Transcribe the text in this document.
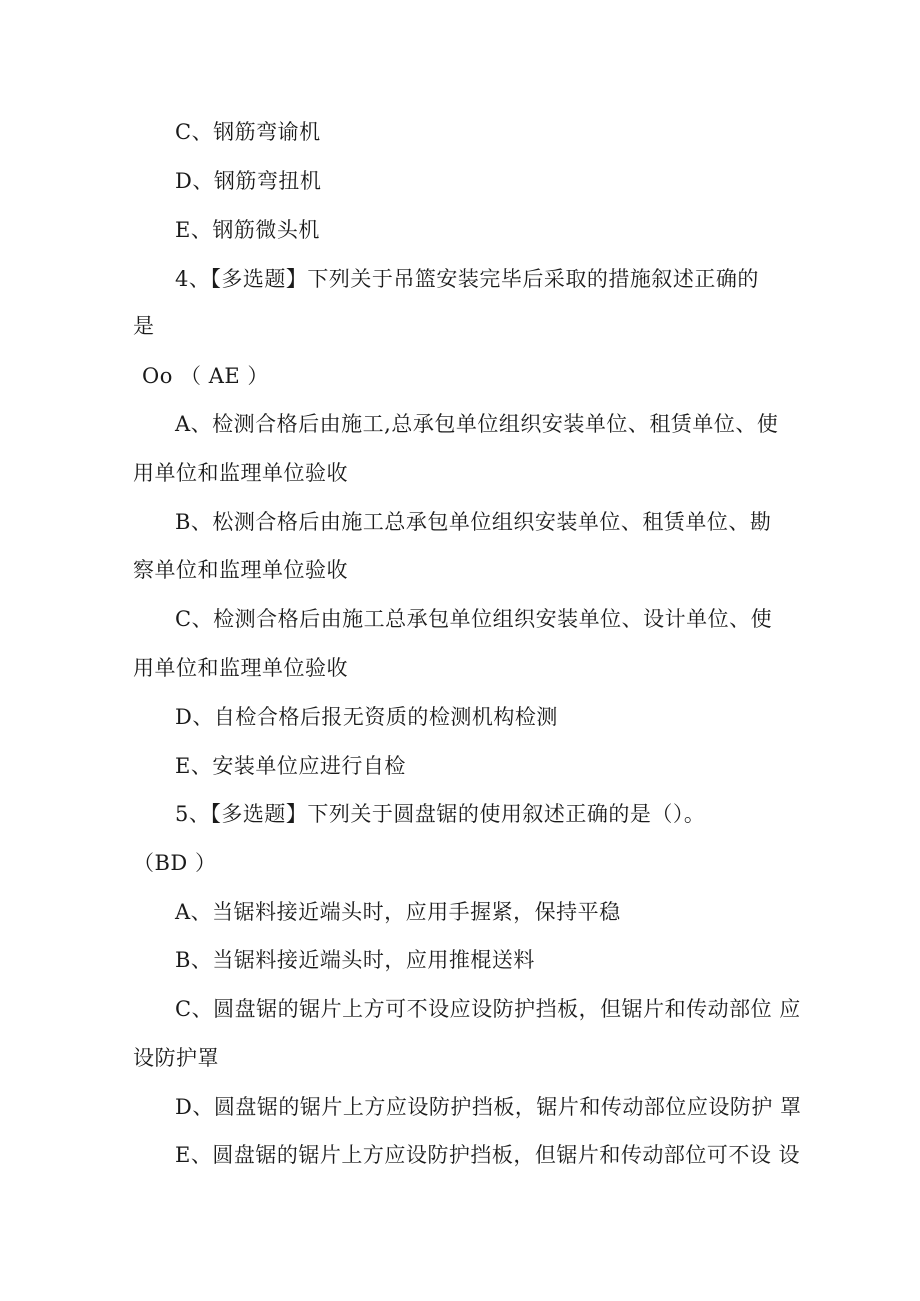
C、钢筋弯谕机
D、钢筋弯扭机
E、钢筋微头机
4、【多选题】下列关于吊篮安装完毕后采取的措施叙述正确的
是
Oo （ AE ）
A、检测合格后由施工,总承包单位组织安装单位、租赁单位、使
用单位和监理单位验收
B、松测合格后由施工总承包单位组织安装单位、租赁单位、勘
察单位和监理单位验收
C、检测合格后由施工总承包单位组织安装单位、设计单位、使
用单位和监理单位验收
D、自检合格后报无资质的检测机构检测
E、安装单位应进行自检
5、【多选题】下列关于圆盘锯的使用叙述正确的是（）。
（BD ）
A、当锯料接近端头时，应用手握紧，保持平稳
B、当锯料接近端头时，应用推棍送料
C、圆盘锯的锯片上方可不设应设防护挡板，但锯片和传动部位 应
设防护罩
D、圆盘锯的锯片上方应设防护挡板，锯片和传动部位应设防护 罩
E、圆盘锯的锯片上方应设防护挡板，但锯片和传动部位可不设 设
